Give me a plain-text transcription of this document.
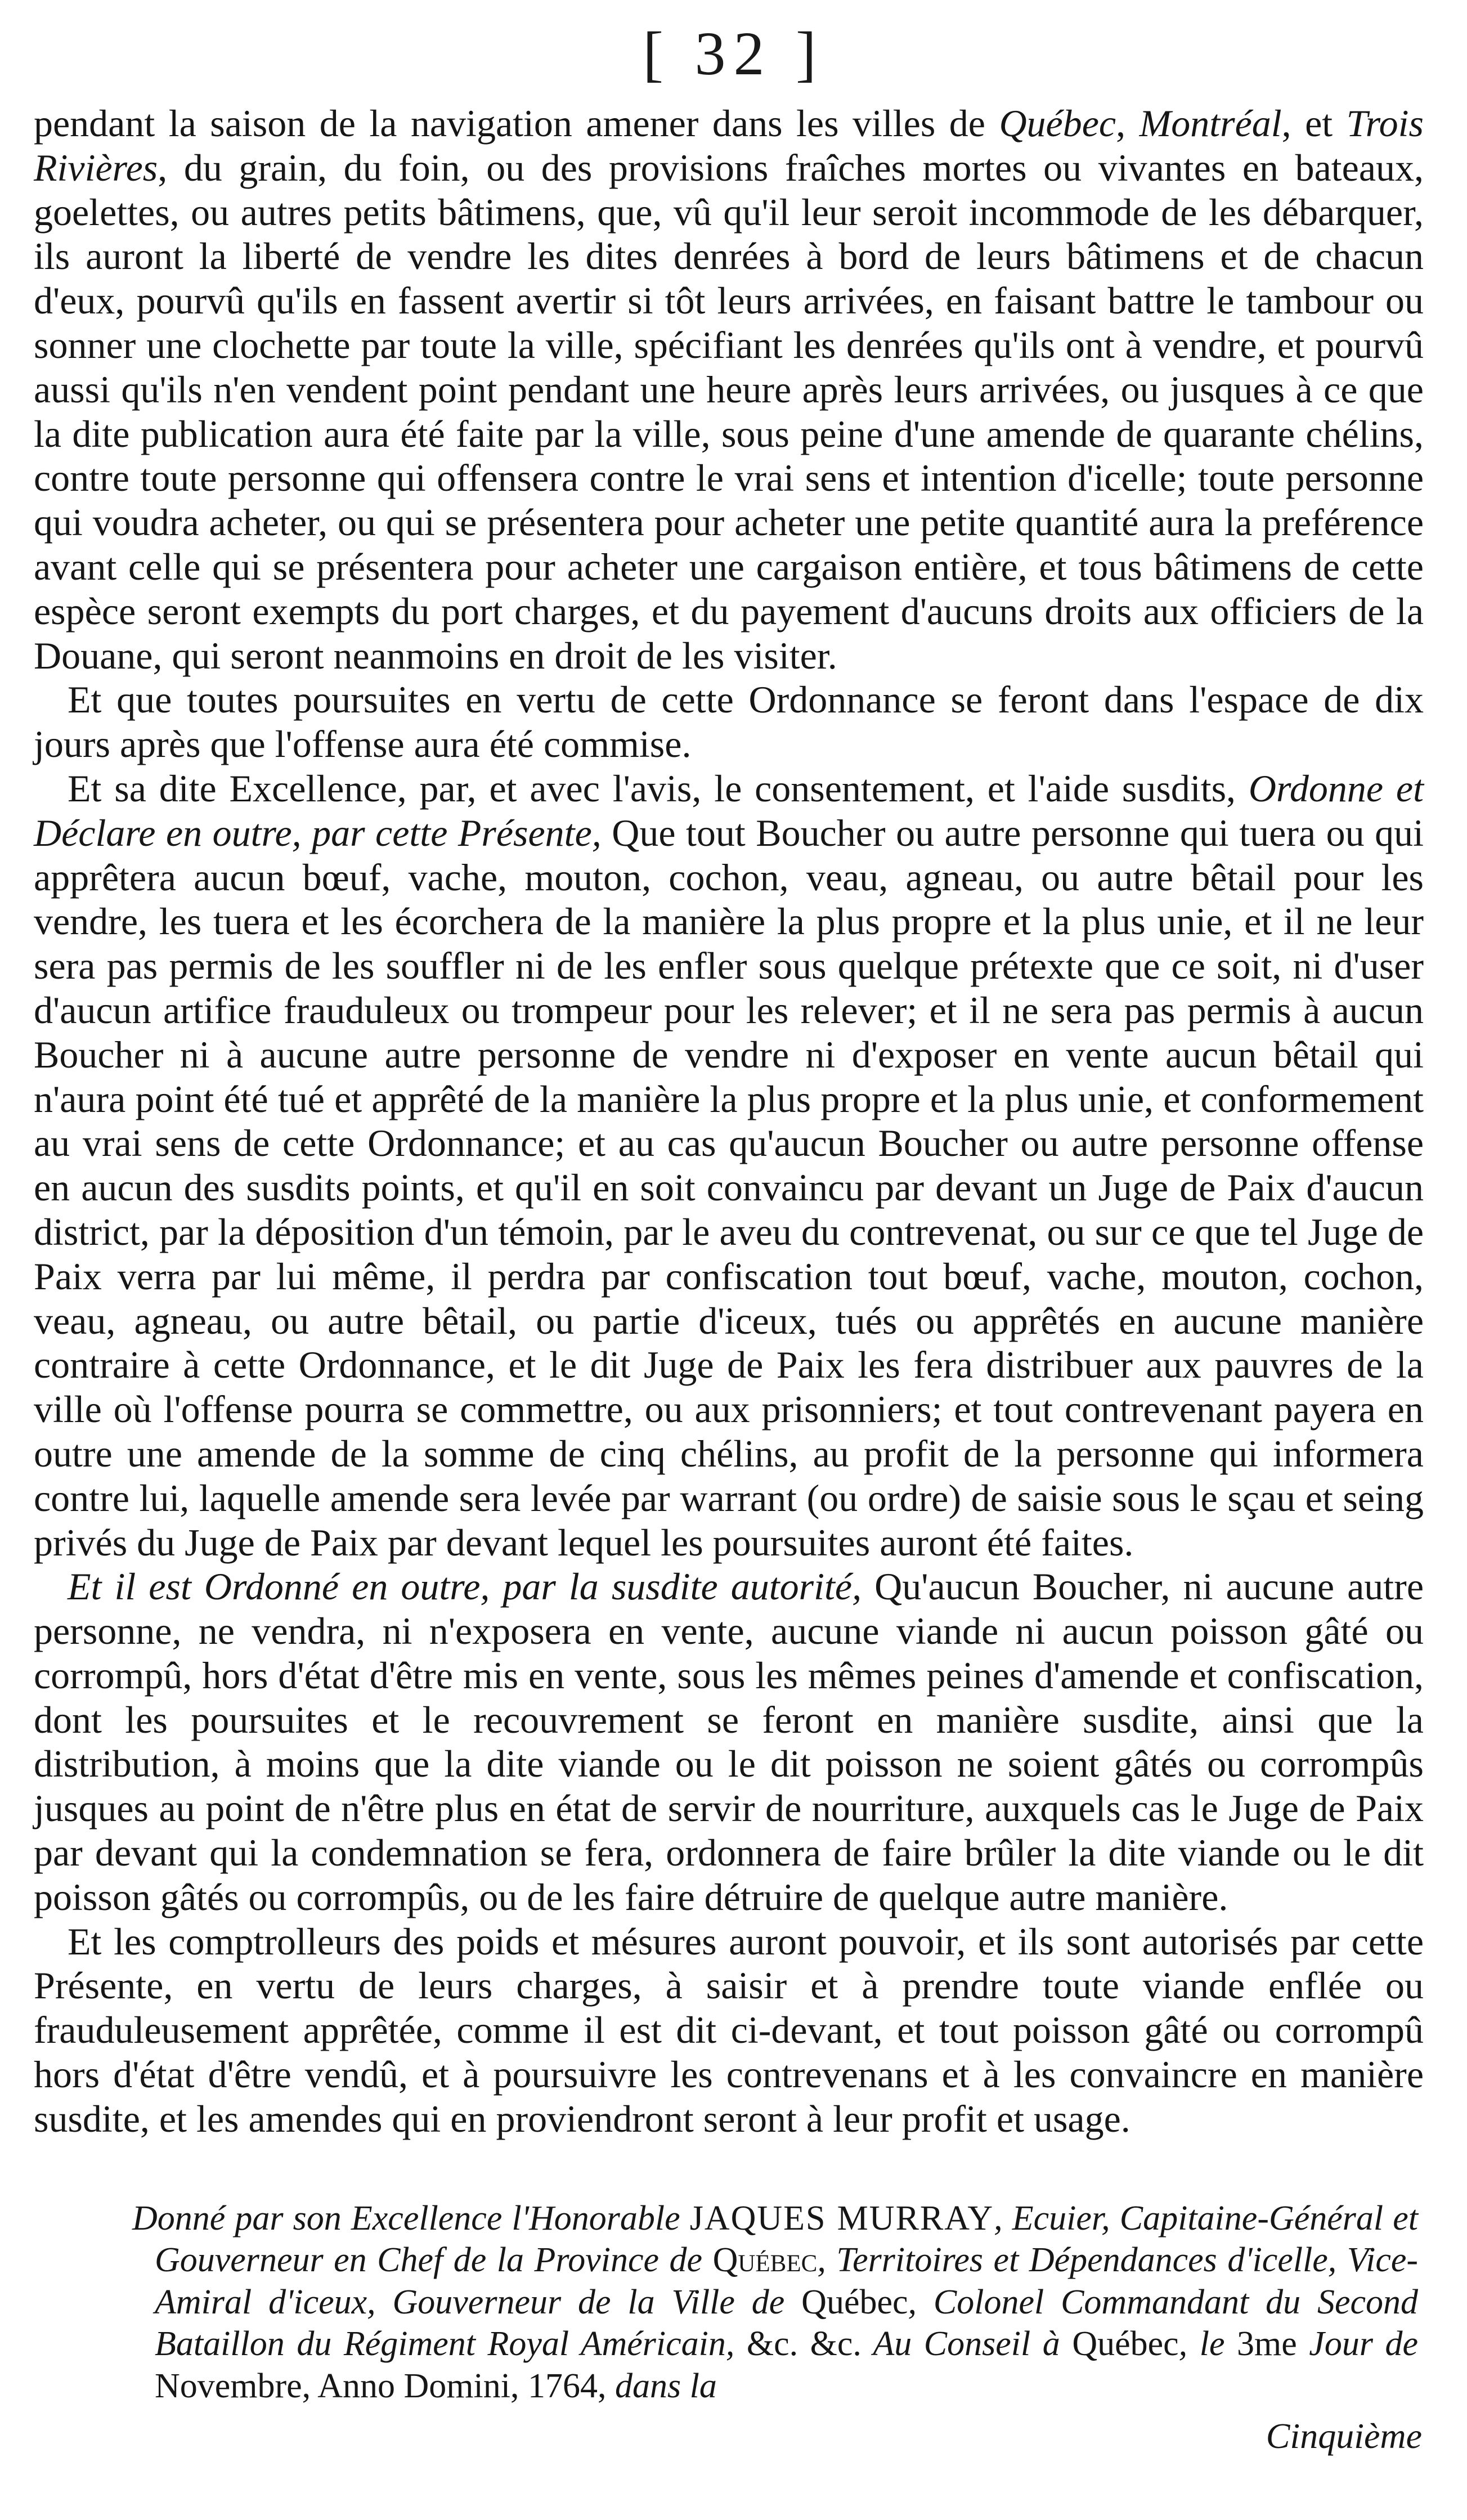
[ 32 ]

pendant la saison de la navigation amener dans les villes de Québec, Montréal, et Trois Rivières, du grain, du foin, ou des provisions fraîches mortes ou vivantes en bateaux, goelettes, ou autres petits bâtimens, que, vû qu'il leur seroit incommode de les débarquer, ils auront la liberté de vendre les dites denrées à bord de leurs bâtimens et de chacun d'eux, pourvû qu'ils en fassent avertir si tôt leurs arrivées, en faisant battre le tambour ou sonner une clochette par toute la ville, spécifiant les denrées qu'ils ont à vendre, et pourvû aussi qu'ils n'en vendent point pendant une heure après leurs arrivées, ou jusques à ce que la dite publication aura été faite par la ville, sous peine d'une amende de quarante chélins, contre toute personne qui offensera contre le vrai sens et intention d'icelle; toute personne qui voudra acheter, ou qui se présentera pour acheter une petite quantité aura la preférence avant celle qui se présentera pour acheter une cargaison entière, et tous bâtimens de cette espèce seront exempts du port charges, et du payement d'aucuns droits aux officiers de la Douane, qui seront neanmoins en droit de les visiter.

Et que toutes poursuites en vertu de cette Ordonnance se feront dans l'espace de dix jours après que l'offense aura été commise.

Et sa dite Excellence, par, et avec l'avis, le consentement, et l'aide susdits, Ordonne et Déclare en outre, par cette Présente, Que tout Boucher ou autre personne qui tuera ou qui apprêtera aucun bœuf, vache, mouton, cochon, veau, agneau, ou autre bêtail pour les vendre, les tuera et les écorchera de la manière la plus propre et la plus unie, et il ne leur sera pas permis de les souffler ni de les enfler sous quelque prétexte que ce soit, ni d'user d'aucun artifice frauduleux ou trompeur pour les relever; et il ne sera pas permis à aucun Boucher ni à aucune autre personne de vendre ni d'exposer en vente aucun bêtail qui n'aura point été tué et apprêté de la manière la plus propre et la plus unie, et conformement au vrai sens de cette Ordonnance; et au cas qu'aucun Boucher ou autre personne offense en aucun des susdits points, et qu'il en soit convaincu par devant un Juge de Paix d'aucun district, par la déposition d'un témoin, par le aveu du contrevenat, ou sur ce que tel Juge de Paix verra par lui même, il perdra par confiscation tout bœuf, vache, mouton, cochon, veau, agneau, ou autre bêtail, ou partie d'iceux, tués ou apprêtés en aucune manière contraire à cette Ordonnance, et le dit Juge de Paix les fera distribuer aux pauvres de la ville où l'offense pourra se commettre, ou aux prisonniers; et tout contrevenant payera en outre une amende de la somme de cinq chélins, au profit de la personne qui informera contre lui, laquelle amende sera levée par warrant (ou ordre) de saisie sous le sçau et seing privés du Juge de Paix par devant lequel les poursuites auront été faites.

Et il est Ordonné en outre, par la susdite autorité, Qu'aucun Boucher, ni aucune autre personne, ne vendra, ni n'exposera en vente, aucune viande ni aucun poisson gâté ou corrompû, hors d'état d'être mis en vente, sous les mêmes peines d'amende et confiscation, dont les poursuites et le recouvrement se feront en manière susdite, ainsi que la distribution, à moins que la dite viande ou le dit poisson ne soient gâtés ou corrompûs jusques au point de n'être plus en état de servir de nourriture, auxquels cas le Juge de Paix par devant qui la condemnation se fera, ordonnera de faire brûler la dite viande ou le dit poisson gâtés ou corrompûs, ou de les faire détruire de quelque autre manière.

Et les comptrolleurs des poids et mésures auront pouvoir, et ils sont autorisés par cette Présente, en vertu de leurs charges, à saisir et à prendre toute viande enflée ou frauduleusement apprêtée, comme il est dit ci-devant, et tout poisson gâté ou corrompû hors d'état d'être vendû, et à poursuivre les contrevenans et à les convaincre en manière susdite, et les amendes qui en proviendront seront à leur profit et usage.

Donné par son Excellence l'Honorable JAQUES MURRAY, Ecuier, Capitaine-Général et Gouverneur en Chef de la Province de Québec, Territoires et Dépendances d'icelle, Vice-Amiral d'iceux, Gouverneur de la Ville de Québec, Colonel Commandant du Second Bataillon du Régiment Royal Américain, &c. &c. Au Conseil à Québec, le 3me Jour de Novembre, Anno Domini, 1764, dans la
Cinquième
